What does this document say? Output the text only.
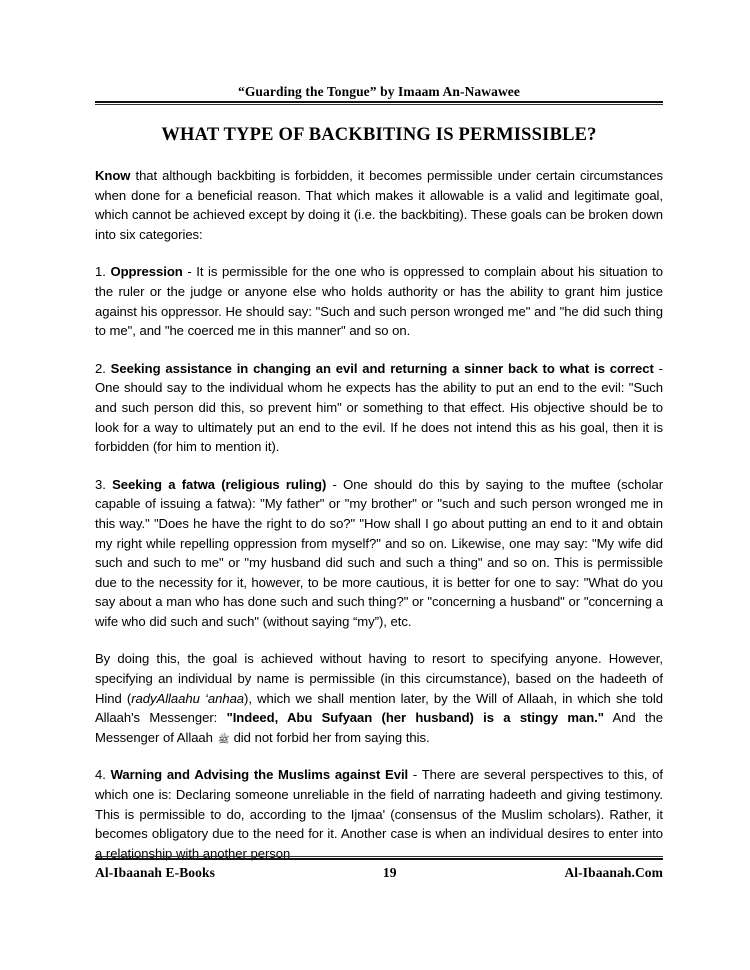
“Guarding the Tongue” by Imaam An-Nawawee
WHAT TYPE OF BACKBITING IS PERMISSIBLE?

Know that although backbiting is forbidden, it becomes permissible under certain circumstances when done for a beneficial reason. That which makes it allowable is a valid and legitimate goal, which cannot be achieved except by doing it (i.e. the backbiting). These goals can be broken down into six categories:

1. Oppression - It is permissible for the one who is oppressed to complain about his situation to the ruler or the judge or anyone else who holds authority or has the ability to grant him justice against his oppressor. He should say: "Such and such person wronged me" and "he did such thing to me", and "he coerced me in this manner" and so on.

2. Seeking assistance in changing an evil and returning a sinner back to what is correct - One should say to the individual whom he expects has the ability to put an end to the evil: "Such and such person did this, so prevent him" or something to that effect. His objective should be to look for a way to ultimately put an end to the evil. If he does not intend this as his goal, then it is forbidden (for him to mention it).

3. Seeking a fatwa (religious ruling) - One should do this by saying to the muftee (scholar capable of issuing a fatwa): "My father" or "my brother" or "such and such person wronged me in this way." "Does he have the right to do so?" "How shall I go about putting an end to it and obtain my right while repelling oppression from myself?" and so on. Likewise, one may say: "My wife did such and such to me" or "my husband did such and such a thing" and so on. This is permissible due to the necessity for it, however, to be more cautious, it is better for one to say: "What do you say about a man who has done such and such thing?" or "concerning a husband" or "concerning a wife who did such and such" (without saying “my”), etc.

By doing this, the goal is achieved without having to resort to specifying anyone. However, specifying an individual by name is permissible (in this circumstance), based on the hadeeth of Hind (radyAllaahu ‘anhaa), which we shall mention later, by the Will of Allaah, in which she told Allaah's Messenger: "Indeed, Abu Sufyaan (her husband) is a stingy man." And the Messenger of Allaah ﷺ did not forbid her from saying this.

4. Warning and Advising the Muslims against Evil - There are several perspectives to this, of which one is: Declaring someone unreliable in the field of narrating hadeeth and giving testimony. This is permissible to do, according to the Ijmaa' (consensus of the Muslim scholars). Rather, it becomes obligatory due to the need for it. Another case is when an individual desires to enter into a relationship with another person

Al-Ibaanah E-Books	19	Al-Ibaanah.Com
